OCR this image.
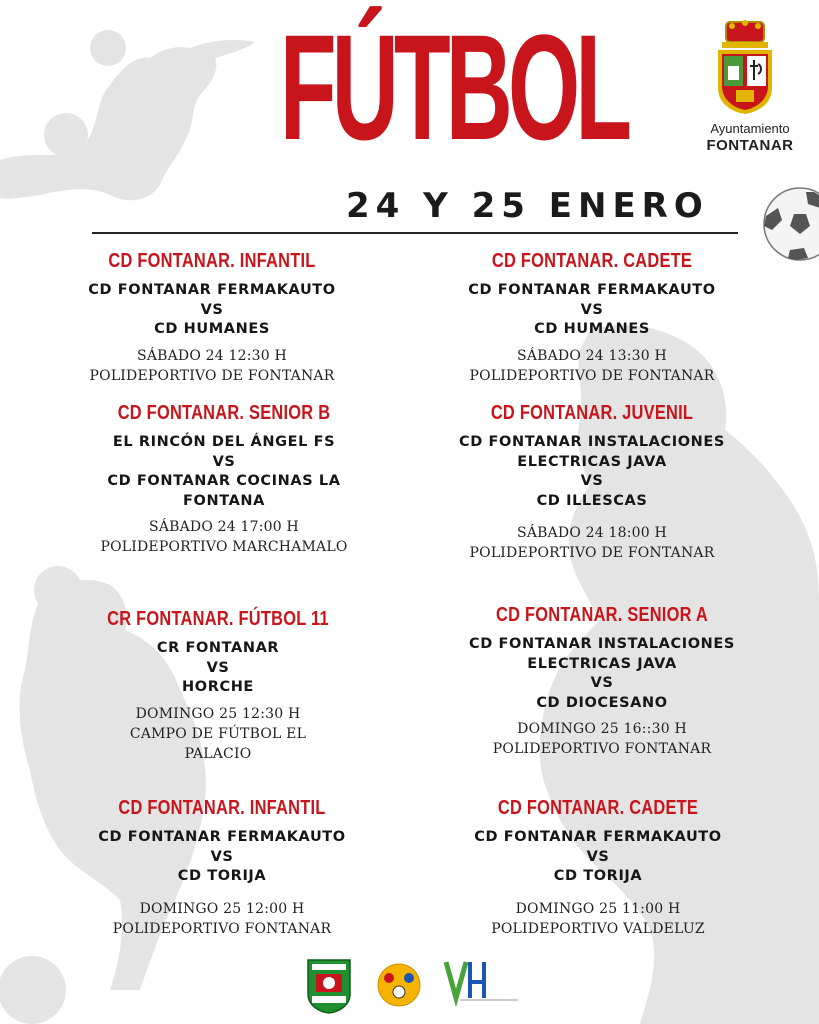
FÚTBOL
24 Y 25 ENERO
Ayuntamiento
FONTANAR
CD FONTANAR. INFANTIL
CD FONTANAR FERMAKAUTO
VS
CD HUMANES
SÁBADO 24 12:30 H
POLIDEPORTIVO DE FONTANAR
CD FONTANAR. CADETE
CD FONTANAR FERMAKAUTO
VS
CD HUMANES
SÁBADO 24 13:30 H
POLIDEPORTIVO DE FONTANAR
CD FONTANAR. SENIOR B
EL RINCÓN DEL ÁNGEL FS
VS
CD FONTANAR COCINAS LA
FONTANA
SÁBADO 24 17:00 H
POLIDEPORTIVO MARCHAMALO
CD FONTANAR. JUVENIL
CD FONTANAR INSTALACIONES
ELECTRICAS JAVA
VS
CD ILLESCAS
SÁBADO 24 18:00 H
POLIDEPORTIVO DE FONTANAR
CR FONTANAR. FÚTBOL 11
CR FONTANAR
VS
HORCHE
DOMINGO 25 12:30 H
CAMPO DE FÚTBOL EL
PALACIO
CD FONTANAR. SENIOR A
CD FONTANAR INSTALACIONES
ELECTRICAS JAVA
VS
CD DIOCESANO
DOMINGO 25 16::30 H
POLIDEPORTIVO FONTANAR
CD FONTANAR. INFANTIL
CD FONTANAR FERMAKAUTO
VS
CD TORIJA
DOMINGO 25 12:00 H
POLIDEPORTIVO FONTANAR
CD FONTANAR. CADETE
CD FONTANAR FERMAKAUTO
VS
CD TORIJA
DOMINGO 25 11:00 H
POLIDEPORTIVO VALDELUZ
